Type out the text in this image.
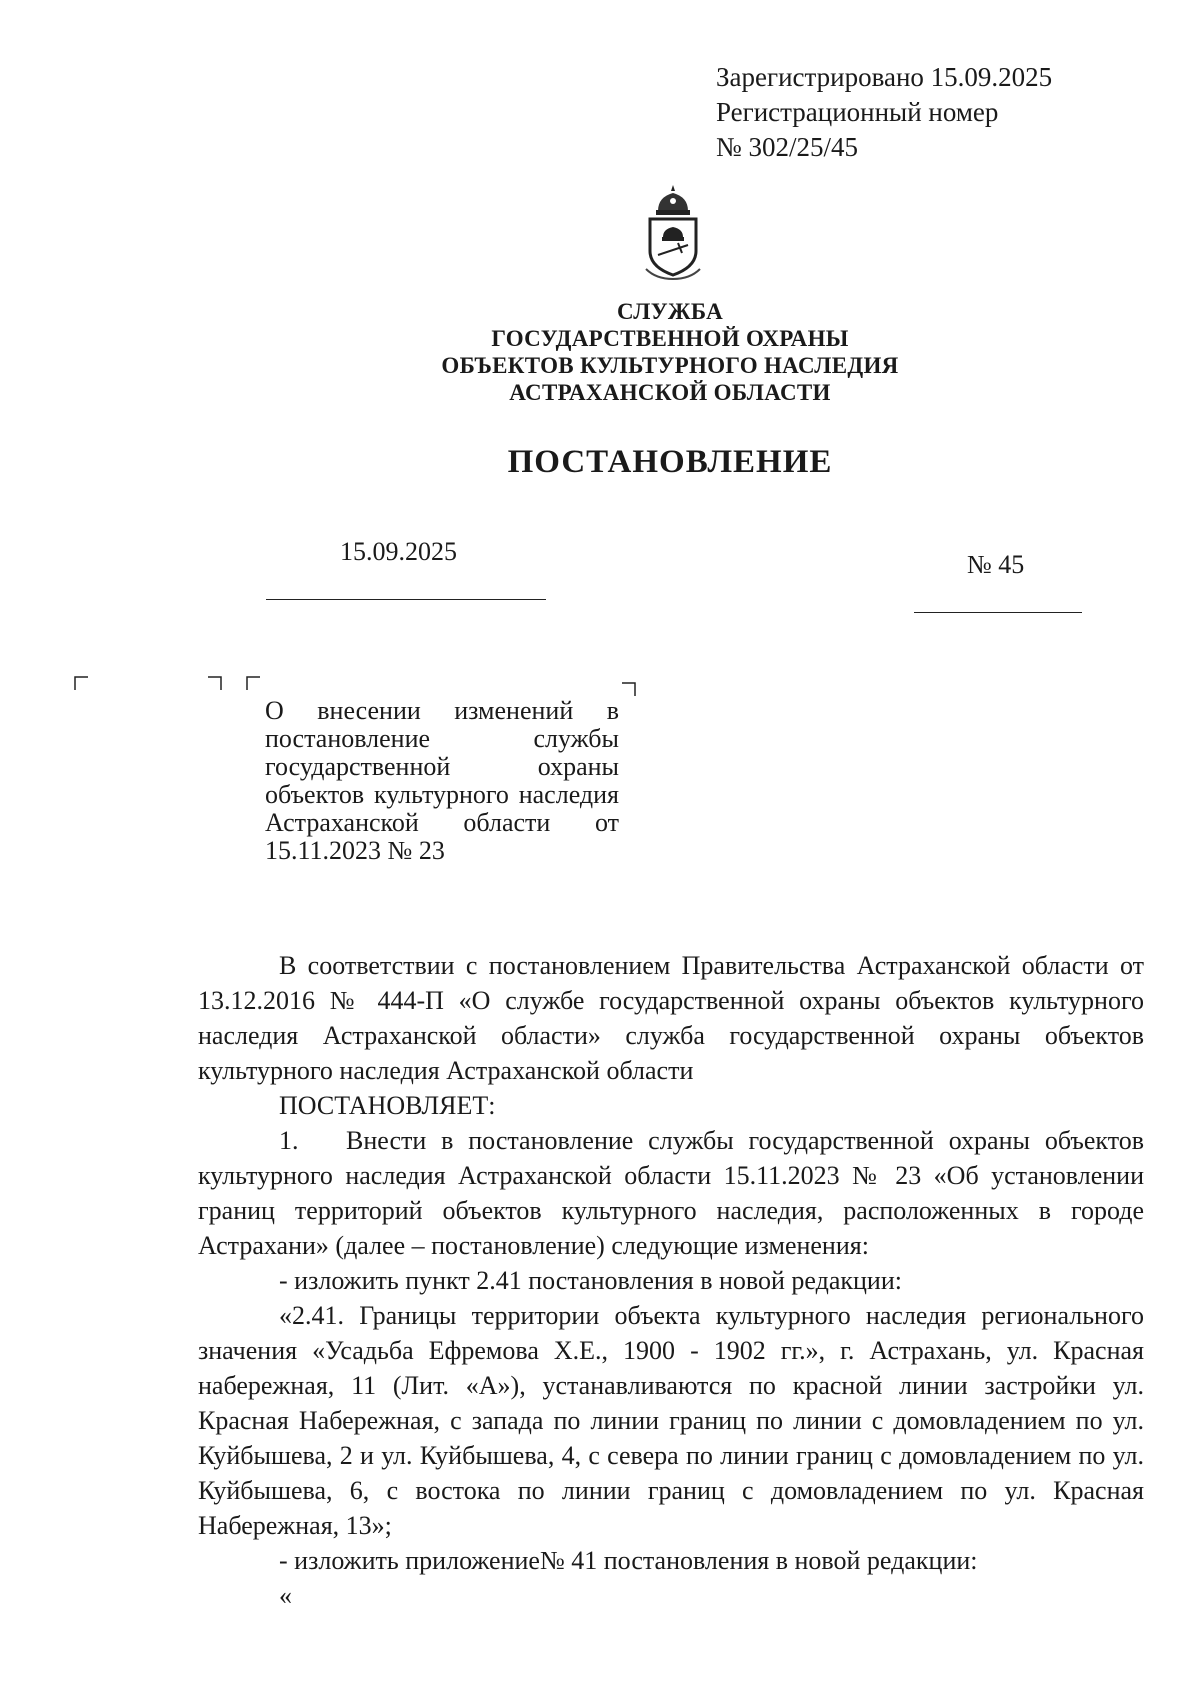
Зарегистрировано 15.09.2025
Регистрационный номер
№ 302/25/45
СЛУЖБА
ГОСУДАРСТВЕННОЙ ОХРАНЫ
ОБЪЕКТОВ КУЛЬТУРНОГО НАСЛЕДИЯ
АСТРАХАНСКОЙ ОБЛАСТИ
ПОСТАНОВЛЕНИЕ
15.09.2025	№ 45

О внесении изменений в постановление службы государственной охраны объектов культурного наследия Астраханской области от 15.11.2023 № 23

В соответствии с постановлением Правительства Астраханской области от 13.12.2016 № 444-П «О службе государственной охраны объектов культурного наследия Астраханской области» служба государственной охраны объектов культурного наследия Астраханской области

ПОСТАНОВЛЯЕТ:

1. Внести в постановление службы государственной охраны объектов культурного наследия Астраханской области 15.11.2023 № 23 «Об установлении границ территорий объектов культурного наследия, расположенных в городе Астрахани» (далее – постановление) следующие изменения:

- изложить пункт 2.41 постановления в новой редакции:

«2.41. Границы территории объекта культурного наследия регионального значения «Усадьба Ефремова Х.Е., 1900 - 1902 гг.», г. Астрахань, ул. Красная набережная, 11 (Лит. «А»), устанавливаются по красной линии застройки ул. Красная Набережная, с запада по линии границ по линии с домовладением по ул. Куйбышева, 2 и ул. Куйбышева, 4, с севера по линии границ с домовладением по ул. Куйбышева, 6, с востока по линии границ с домовладением по ул. Красная Набережная, 13»;

- изложить приложение№ 41 постановления в новой редакции:

«
